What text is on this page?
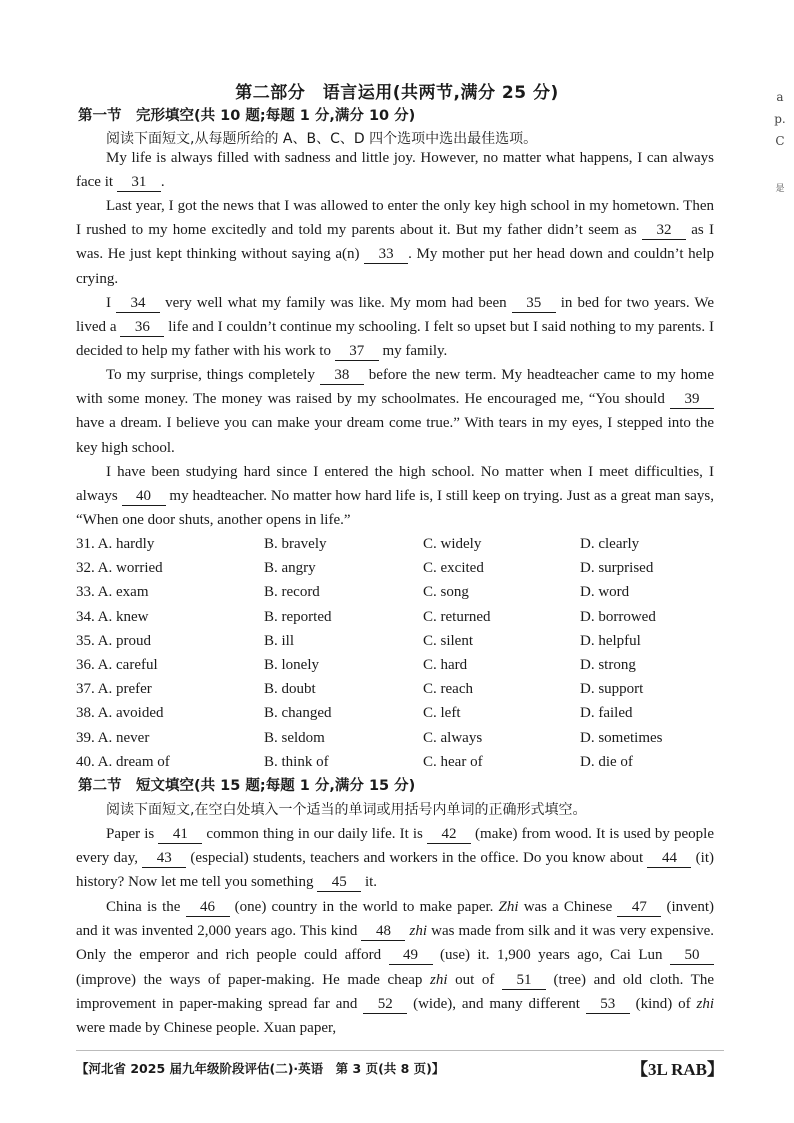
a
p.
C
是
第二部分　语言运用(共两节,满分 25 分)
第一节　完形填空(共 10 题;每题 1 分,满分 10 分)
阅读下面短文,从每题所给的 A、B、C、D 四个选项中选出最佳选项。
My life is always filled with sadness and little joy. However, no matter what happens, I can always face it 31 .
Last year, I got the news that I was allowed to enter the only key high school in my hometown. Then I rushed to my home excitedly and told my parents about it. But my father didn’t seem as 32 as I was. He just kept thinking without saying a(n) 33 . My mother put her head down and couldn’t help crying.
I 34 very well what my family was like. My mom had been 35 in bed for two years. We lived a 36 life and I couldn’t continue my schooling. I felt so upset but I said nothing to my parents. I decided to help my father with his work to 37 my family.
To my surprise, things completely 38 before the new term. My headteacher came to my home with some money. The money was raised by my schoolmates. He encouraged me, “You should 39 have a dream. I believe you can make your dream come true.” With tears in my eyes, I stepped into the key high school.
I have been studying hard since I entered the high school. No matter when I meet difficulties, I always 40 my headteacher. No matter how hard life is, I still keep on trying. Just as a great man says, “When one door shuts, another opens in life.”
31. A. hardly	B. bravely	C. widely	D. clearly
32. A. worried	B. angry	C. excited	D. surprised
33. A. exam	B. record	C. song	D. word
34. A. knew	B. reported	C. returned	D. borrowed
35. A. proud	B. ill	C. silent	D. helpful
36. A. careful	B. lonely	C. hard	D. strong
37. A. prefer	B. doubt	C. reach	D. support
38. A. avoided	B. changed	C. left	D. failed
39. A. never	B. seldom	C. always	D. sometimes
40. A. dream of	B. think of	C. hear of	D. die of
第二节　短文填空(共 15 题;每题 1 分,满分 15 分)
阅读下面短文,在空白处填入一个适当的单词或用括号内单词的正确形式填空。
Paper is 41 common thing in our daily life. It is 42 (make) from wood. It is used by people every day, 43 (especial) students, teachers and workers in the office. Do you know about 44 (it) history? Now let me tell you something 45 it.
China is the 46 (one) country in the world to make paper. Zhi was a Chinese 47 (invent) and it was invented 2,000 years ago. This kind 48 zhi was made from silk and it was very expensive. Only the emperor and rich people could afford 49 (use) it. 1,900 years ago, Cai Lun 50 (improve) the ways of paper-making. He made cheap zhi out of 51 (tree) and old cloth. The improvement in paper-making spread far and 52 (wide), and many different 53 (kind) of zhi were made by Chinese people. Xuan paper,
【河北省 2025 届九年级阶段评估(二)·英语　第 3 页(共 8 页)】	【3L RAB】
